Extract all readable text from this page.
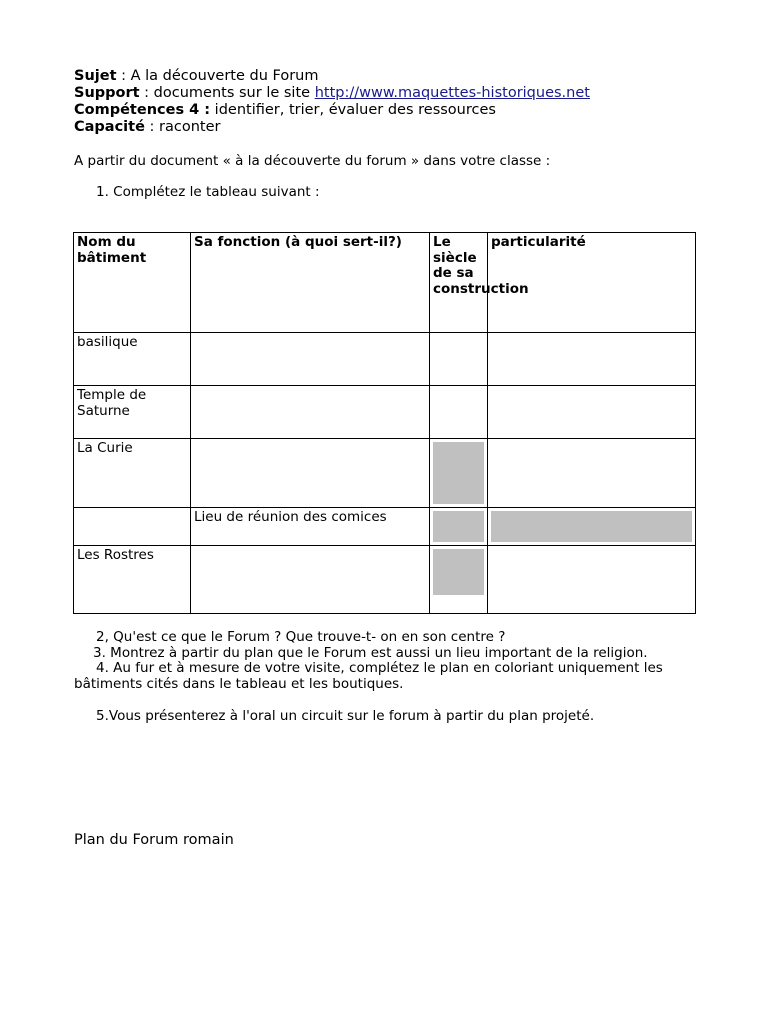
Sujet : A la découverte du Forum
Support : documents sur le site http://www.maquettes-historiques.net
Compétences 4 : identifier, trier, évaluer des ressources
Capacité : raconter
A partir du document « à la découverte du forum » dans votre classe :
1. Complétez le tableau suivant :
Nom du bâtiment	Sa fonction (à quoi sert-il?)	Le siècle de sa construction	particularité
basilique			
Temple de Saturne			
La Curie		

	Lieu de réunion des comices	

Les Rostres		

2, Qu'est ce que le Forum ? Que trouve-t- on en son centre ?
3. Montrez à partir du plan que le Forum est aussi un lieu important de la religion.
4. Au fur et à mesure de votre visite, complétez le plan en coloriant uniquement les bâtiments cités dans le tableau et les boutiques.
5.Vous présenterez à l'oral un circuit sur le forum à partir du plan projeté.
Plan du Forum romain
